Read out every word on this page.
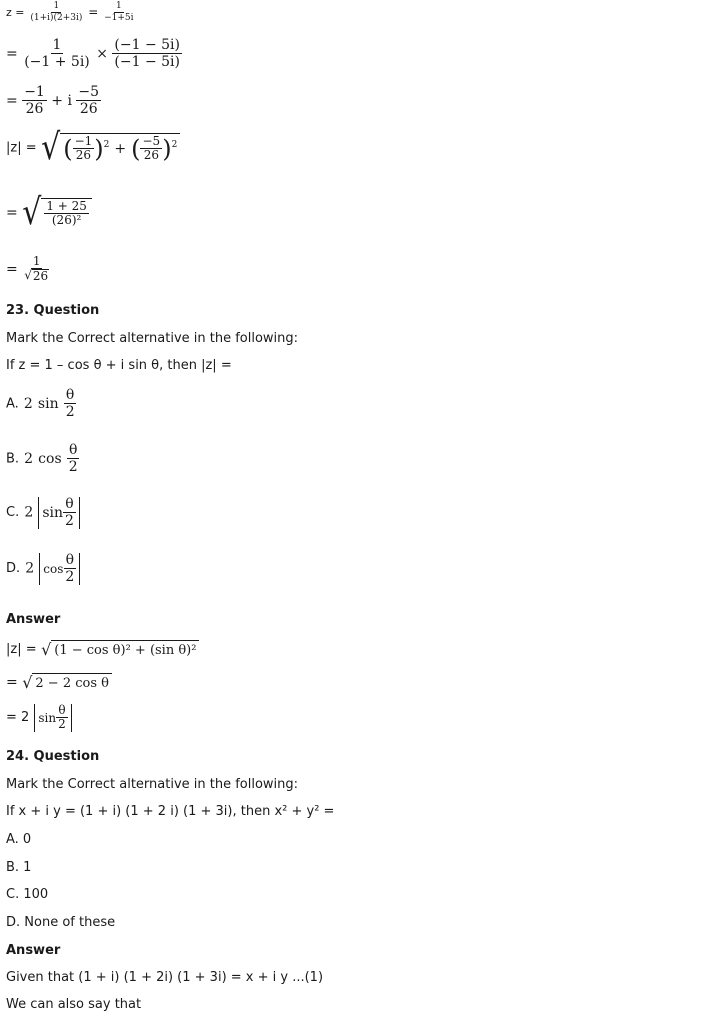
$z = \frac{1}{(1+i)(2+3i)} = \frac{1}{-1+5i}$
= $\frac{1}{(-1 + 5i)} \times \frac{(-1 - 5i)}{(-1 - 5i)}$
= $\frac{-1}{26} + i \frac{-5}{26}$
|z| = √ ( $\frac{-1}{26}$ ) 2 + ( $\frac{-5}{26}$ ) 2
= √ $\frac{1 + 25}{\text{(26)²}}$
= $\frac{1}{√ 26}$
23. Question
Mark the Correct alternative in the following:
If z = 1 – cos θ + i sin θ, then |z| =
A. 2 $\sin \frac{\theta}{2}$
B. 2 $\cos \frac{\theta}{2}$
C. 2 $\sin \frac{\theta}{2}$
D. 2 $\cos \frac{\theta}{2}$
Answer
|z| = √ (1 − cos θ)² + (sin θ)²
= √ 2 − 2 cos θ
= 2 $\sin \frac{\theta}{2}$
24. Question
Mark the Correct alternative in the following:
If x + i y = (1 + i) (1 + 2 i) (1 + 3i), then x² + y² =
A. 0
B. 1
C. 100
D. None of these
Answer
Given that (1 + i) (1 + 2i) (1 + 3i) = x + i y ...(1)
We can also say that
